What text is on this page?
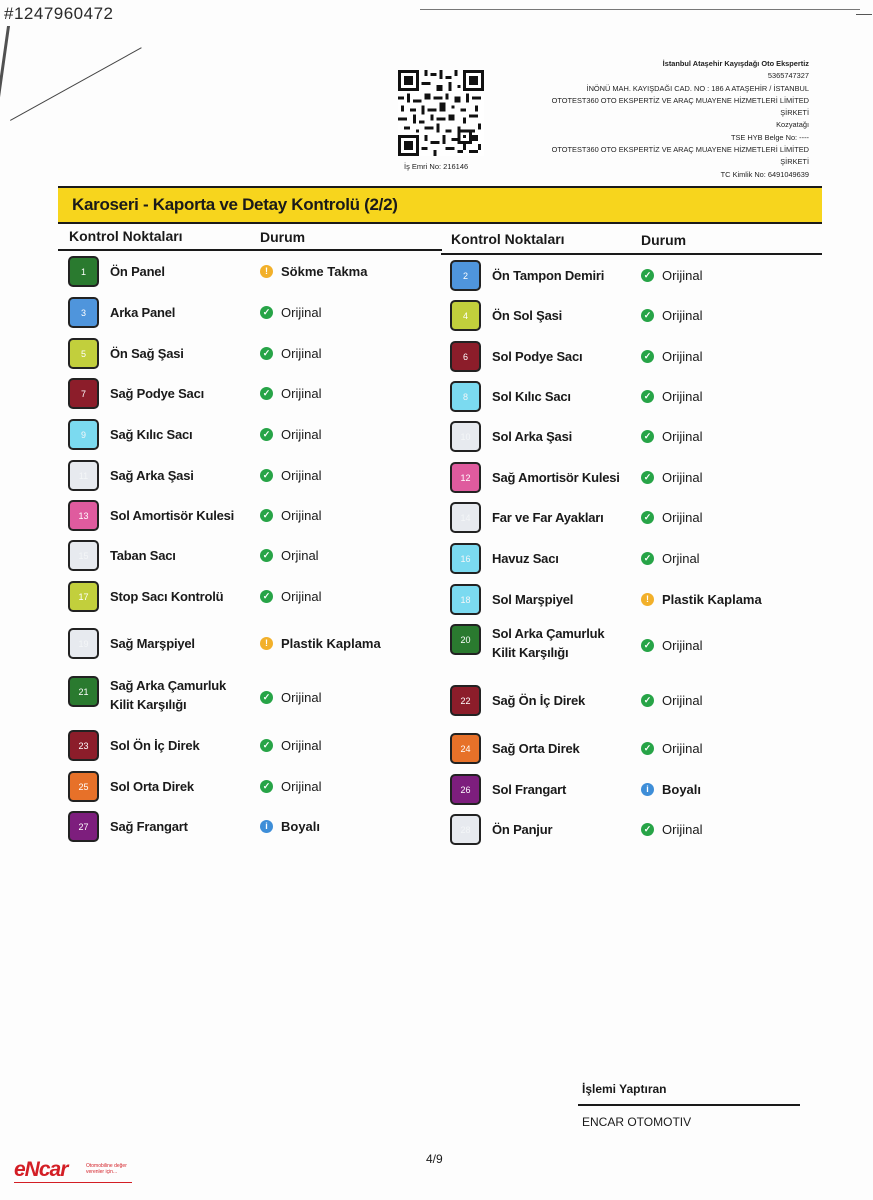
#1247960472
İş Emri No: 216146
İstanbul Ataşehir Kayışdağı Oto Ekspertiz
5365747327
İNÖNÜ MAH. KAYIŞDAĞI CAD. NO : 186 A ATAŞEHİR / İSTANBUL
OTOTEST360 OTO EKSPERTİZ VE ARAÇ MUAYENE HİZMETLERİ LİMİTED
ŞİRKETİ
Kozyatağı
TSE HYB Belge No: ----
OTOTEST360 OTO EKSPERTİZ VE ARAÇ MUAYENE HİZMETLERİ LİMİTED
ŞİRKETİ
TC Kimlik No: 6491049639
Karoseri - Kaporta ve Detay Kontrolü (2/2)
Kontrol Noktaları	Durum	Kontrol Noktaları	Durum
1	Ön Panel	!	Sökme Takma
3	Arka Panel	✓ Orijinal
5	Ön Sağ Şasi	✓ Orijinal
7	Sağ Podye Sacı	✓ Orijinal
9	Sağ Kılıc Sacı	✓ Orijinal
11	Sağ Arka Şasi	✓ Orijinal
13	Sol Amortisör Kulesi	✓ Orijinal
15	Taban Sacı	✓ Orjinal
17	Stop Sacı Kontrolü	✓ Orijinal
19	Sağ Marşpiyel	!	Plastik Kaplama
21	Sağ Arka Çamurluk
Kilit Karşılığı	✓ Orijinal
23	Sol Ön İç Direk	✓ Orijinal
25	Sol Orta Direk	✓ Orijinal
27	Sağ Frangart	i	Boyalı
2	Ön Tampon Demiri	✓ Orijinal
4	Ön Sol Şasi	✓ Orijinal
6	Sol Podye Sacı	✓ Orijinal
8	Sol Kılıc Sacı	✓ Orijinal
10	Sol Arka Şasi	✓ Orijinal
12	Sağ Amortisör Kulesi	✓ Orijinal
14	Far ve Far Ayakları	✓ Orijinal
16	Havuz Sacı	✓ Orjinal
18	Sol Marşpiyel	!	Plastik Kaplama
20	Sol Arka Çamurluk
Kilit Karşılığı	✓ Orijinal
22	Sağ Ön İç Direk	✓ Orijinal
24	Sağ Orta Direk	✓ Orijinal
26	Sol Frangart	i	Boyalı
28	Ön Panjur	✓ Orijinal
İşlemi Yaptıran
ENCAR OTOMOTIV
4/9
eNcar	Otomobiline değer verenler için...
